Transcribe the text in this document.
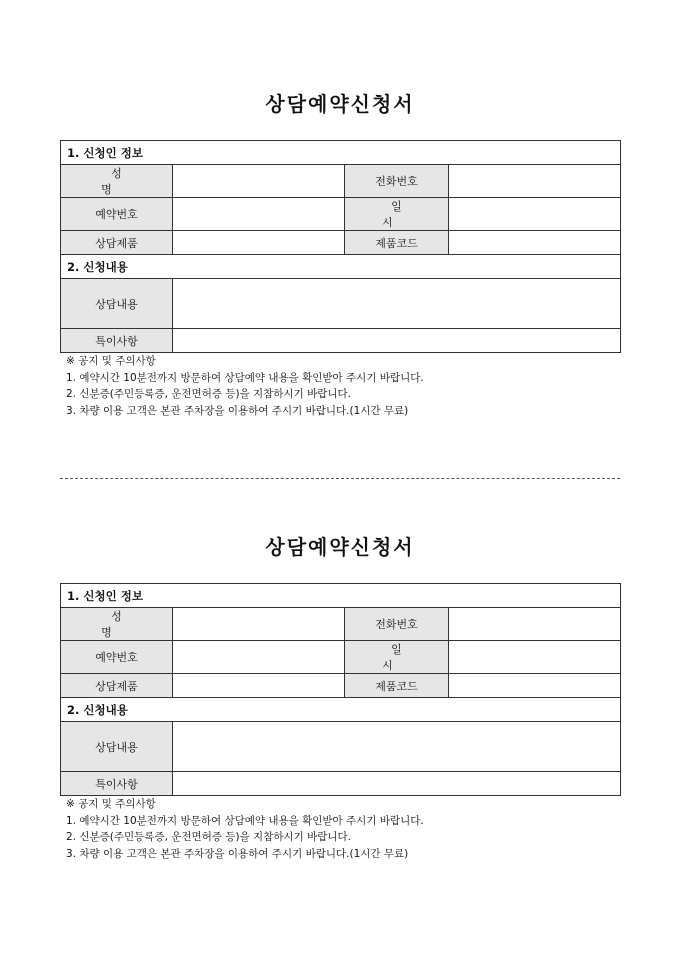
상담예약신청서
1. 신청인 정보			
성 명		전화번호	
예약번호		일 시	
상담제품		제품코드	
2. 신청내용			
상담내용			
특이사항			
※ 공지 및 주의사항
1. 예약시간 10분전까지 방문하여 상담예약 내용을 확인받아 주시기 바랍니다.
2. 신분증(주민등록증, 운전면허증 등)을 지참하시기 바랍니다.
3. 차량 이용 고객은 본관 주차장을 이용하여 주시기 바랍니다.(1시간 무료)
상담예약신청서
1. 신청인 정보			
성 명		전화번호	
예약번호		일 시	
상담제품		제품코드	
2. 신청내용			
상담내용			
특이사항			
※ 공지 및 주의사항
1. 예약시간 10분전까지 방문하여 상담예약 내용을 확인받아 주시기 바랍니다.
2. 신분증(주민등록증, 운전면허증 등)을 지참하시기 바랍니다.
3. 차량 이용 고객은 본관 주차장을 이용하여 주시기 바랍니다.(1시간 무료)
